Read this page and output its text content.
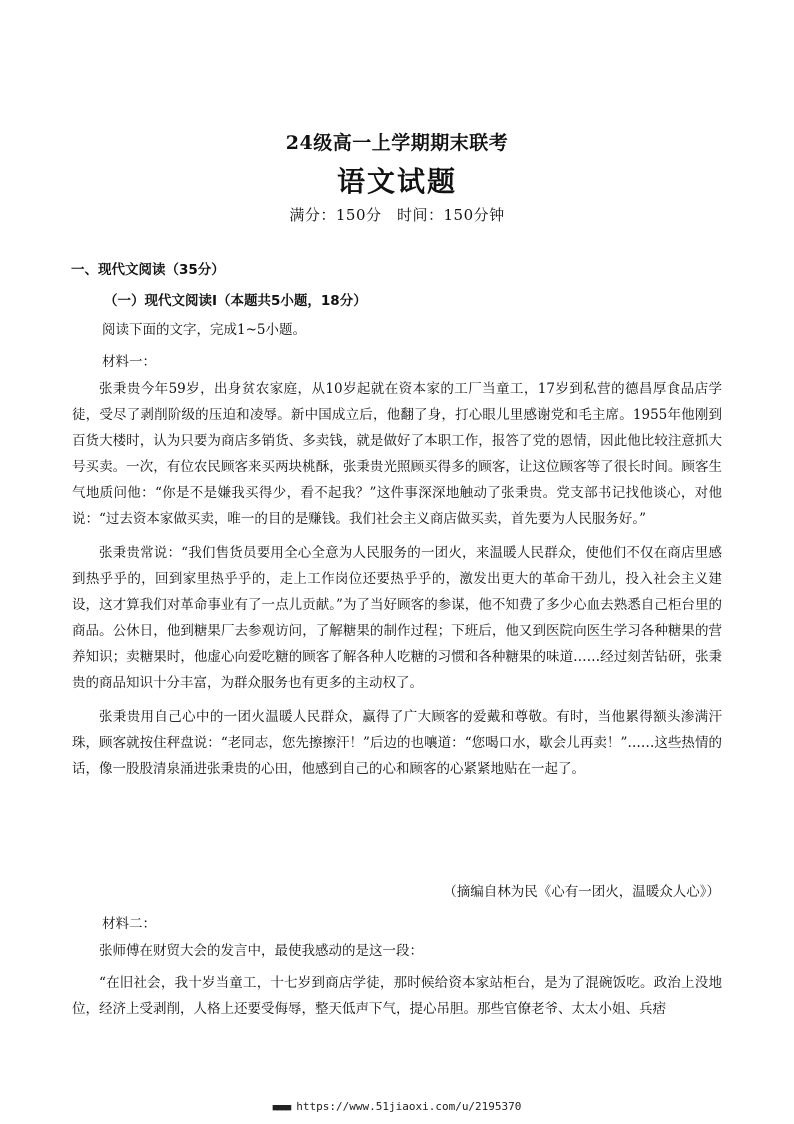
24级高一上学期期末联考
语文试题
满分：150分　时间：150分钟
一、现代文阅读（35分）
（一）现代文阅读Ⅰ（本题共5小题，18分）
阅读下面的文字，完成1~5小题。
材料一：

张秉贵今年59岁，出身贫农家庭，从10岁起就在资本家的工厂当童工，17岁到私营的德昌厚食品店学徒，受尽了剥削阶级的压迫和凌辱。新中国成立后，他翻了身，打心眼儿里感谢党和毛主席。1955年他刚到百货大楼时，认为只要为商店多销货、多卖钱，就是做好了本职工作，报答了党的恩情，因此他比较注意抓大号买卖。一次，有位农民顾客来买两块桃酥，张秉贵光照顾买得多的顾客，让这位顾客等了很长时间。顾客生气地质问他：“你是不是嫌我买得少，看不起我？”这件事深深地触动了张秉贵。党支部书记找他谈心，对他说：“过去资本家做买卖，唯一的目的是赚钱。我们社会主义商店做买卖，首先要为人民服务好。”

张秉贵常说：“我们售货员要用全心全意为人民服务的一团火，来温暖人民群众，使他们不仅在商店里感到热乎乎的，回到家里热乎乎的，走上工作岗位还要热乎乎的，激发出更大的革命干劲儿，投入社会主义建设，这才算我们对革命事业有了一点儿贡献。”为了当好顾客的参谋，他不知费了多少心血去熟悉自己柜台里的商品。公休日，他到糖果厂去参观访问，了解糖果的制作过程；下班后，他又到医院向医生学习各种糖果的营养知识；卖糖果时，他虚心向爱吃糖的顾客了解各种人吃糖的习惯和各种糖果的味道……经过刻苦钻研，张秉贵的商品知识十分丰富，为群众服务也有更多的主动权了。

张秉贵用自己心中的一团火温暖人民群众，赢得了广大顾客的爱戴和尊敬。有时，当他累得额头渗满汗珠，顾客就按住秤盘说：“老同志，您先擦擦汗！”后边的也嚷道：“您喝口水，歇会儿再卖！”……这些热情的话，像一股股清泉涌进张秉贵的心田，他感到自己的心和顾客的心紧紧地贴在一起了。

（摘编自林为民《心有一团火，温暖众人心》）
材料二：

张师傅在财贸大会的发言中，最使我感动的是这一段：

“在旧社会，我十岁当童工，十七岁到商店学徒，那时候给资本家站柜台，是为了混碗饭吃。政治上没地位，经济上受剥削，人格上还要受侮辱，整天低声下气，提心吊胆。那些官僚老爷、太太小姐、兵痞

■■■■ https://www.51jiaoxi.com/u/2195370
